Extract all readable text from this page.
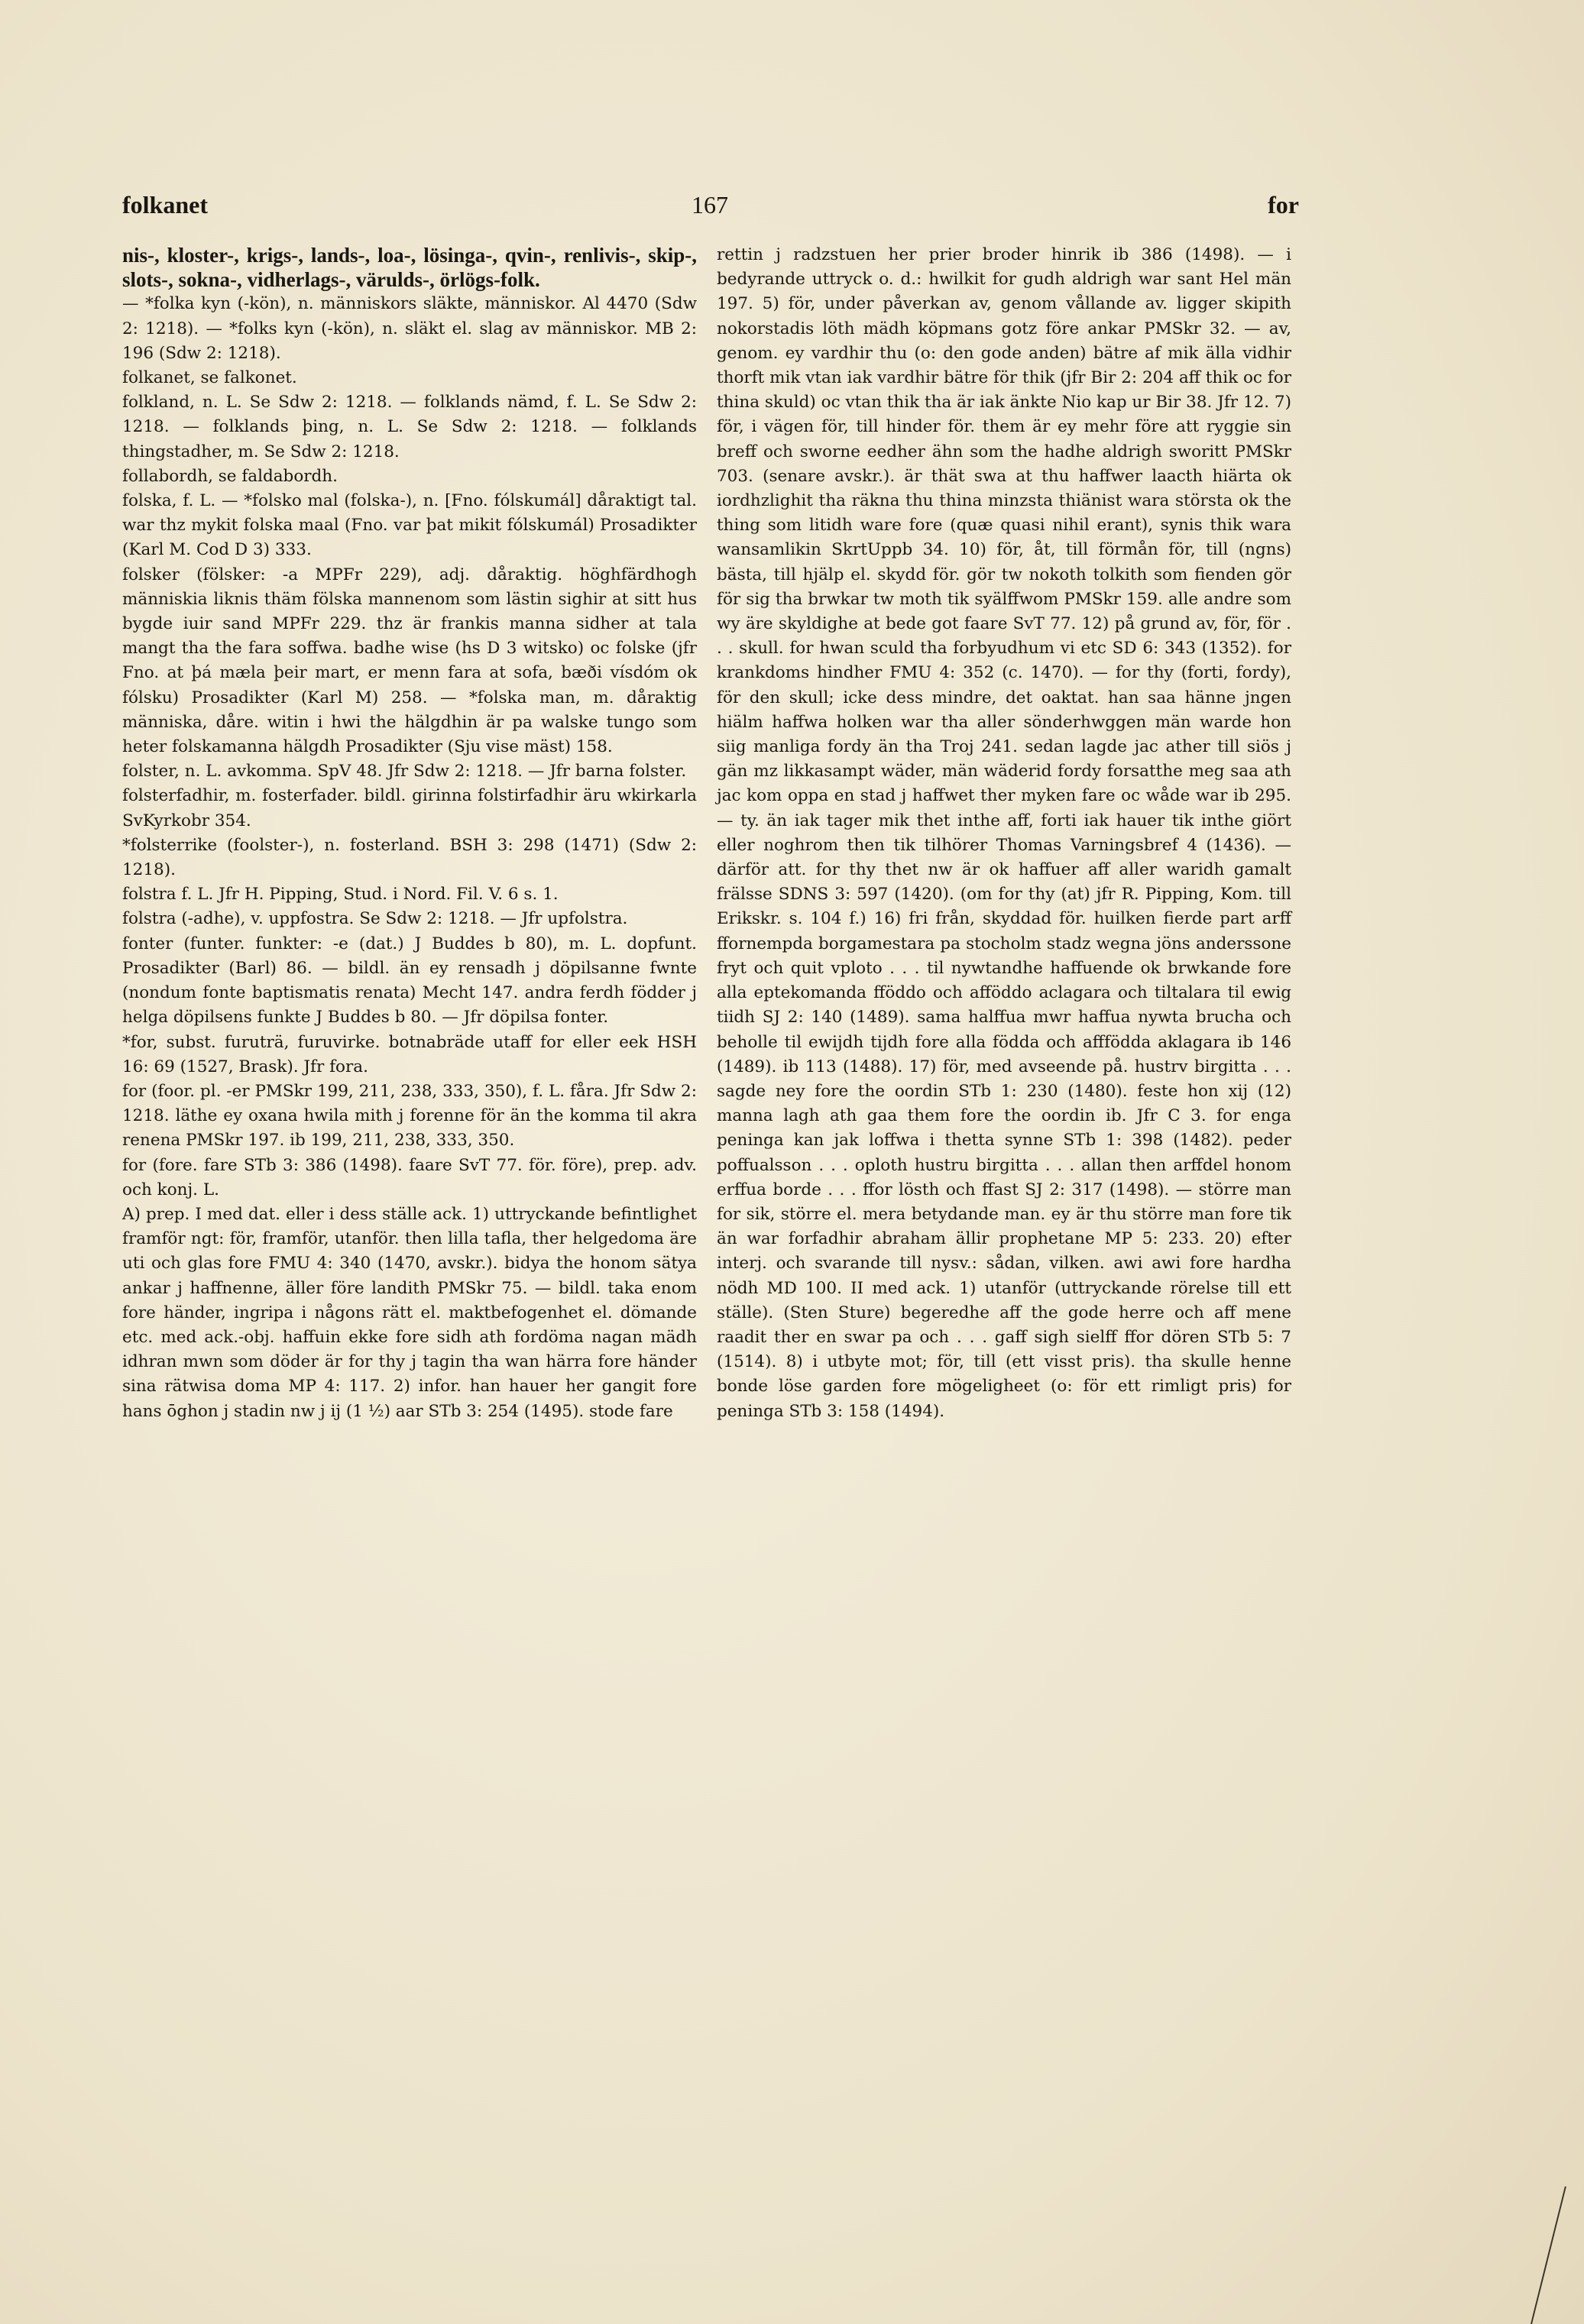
folkanet	167	for

nis-, kloster-, krigs-, lands-, loa-, lösinga-, qvin-, renlivis-, skip-, slots-, sokna-, vidherlags-, värulds-, örlögs-folk.

— *folka kyn (-kön), n. människors släkte, människor. Al 4470 (Sdw 2: 1218). — *folks kyn (-kön), n. släkt el. slag av människor. MB 2: 196 (Sdw 2: 1218).

folkanet, se falkonet.

folkland, n. L. Se Sdw 2: 1218. — folklands nämd, f. L. Se Sdw 2: 1218. — folklands þing, n. L. Se Sdw 2: 1218. — folklands thingstadher, m. Se Sdw 2: 1218.

follabordh, se faldabordh.

folska, f. L. — *folsko mal (folska-), n. [Fno. fólskumál] dåraktigt tal. war thz mykit folska maal (Fno. var þat mikit fólskumál) Prosadikter (Karl M. Cod D 3) 333.

folsker (fölsker: -a MPFr 229), adj. dåraktig. höghfärdhogh människia liknis thäm fölska mannenom som lästin sighir at sitt hus bygde iuir sand MPFr 229. thz är frankis manna sidher at tala mangt tha the fara soffwa. badhe wise (hs D 3 witsko) oc folske (jfr Fno. at þá mæla þeir mart, er menn fara at sofa, bæði vísdóm ok fólsku) Prosadikter (Karl M) 258. — *folska man, m. dåraktig människa, dåre. witin i hwi the hälgdhin är pa walske tungo som heter folskamanna hälgdh Prosadikter (Sju vise mäst) 158.

folster, n. L. avkomma. SpV 48. Jfr Sdw 2: 1218. — Jfr barna folster.

folsterfadhir, m. fosterfader. bildl. girinna folstirfadhir äru wkirkarla SvKyrkobr 354.

*folsterrike (foolster-), n. fosterland. BSH 3: 298 (1471) (Sdw 2: 1218).

folstra f. L. Jfr H. Pipping, Stud. i Nord. Fil. V. 6 s. 1.

folstra (-adhe), v. uppfostra. Se Sdw 2: 1218. — Jfr upfolstra.

fonter (funter. funkter: -e (dat.) J Buddes b 80), m. L. dopfunt. Prosadikter (Barl) 86. — bildl. än ey rensadh j döpilsanne fwnte (nondum fonte baptismatis renata) Mecht 147. andra ferdh födder j helga döpilsens funkte J Buddes b 80. — Jfr döpilsa fonter.

*for, subst. furuträ, furuvirke. botnabräde utaff for eller eek HSH 16: 69 (1527, Brask). Jfr fora.

for (foor. pl. -er PMSkr 199, 211, 238, 333, 350), f. L. fåra. Jfr Sdw 2: 1218. läthe ey oxana hwila mith j forenne för än the komma til akra renena PMSkr 197. ib 199, 211, 238, 333, 350.

for (fore. fare STb 3: 386 (1498). faare SvT 77. för. före), prep. adv. och konj. L.

A) prep. I med dat. eller i dess ställe ack. 1) uttryckande befintlighet framför ngt: för, framför, utanför. then lilla tafla, ther helgedoma äre uti och glas fore FMU 4: 340 (1470, avskr.). bidya the honom sätya ankar j haffnenne, äller före landith PMSkr 75. — bildl. taka enom fore händer, ingripa i någons rätt el. maktbefogenhet el. dömande etc. med ack.-obj. haffuin ekke fore sidh ath fordöma nagan mädh idhran mwn som döder är for thy j tagin tha wan härra fore händer sina rätwisa doma MP 4: 117. 2) infor. han hauer her gangit fore hans ōghon j stadin nw j ij (1 ½) aar STb 3: 254 (1495). stode fare

rettin j radzstuen her prier broder hinrik ib 386 (1498). — i bedyrande uttryck o. d.: hwilkit for gudh aldrigh war sant Hel män 197. 5) för, under påverkan av, genom vållande av. ligger skipith nokorstadis löth mädh köpmans gotz före ankar PMSkr 32. — av, genom. ey vardhir thu (o: den gode anden) bätre af mik älla vidhir thorft mik vtan iak vardhir bätre för thik (jfr Bir 2: 204 aff thik oc for thina skuld) oc vtan thik tha är iak änkte Nio kap ur Bir 38. Jfr 12. 7) för, i vägen för, till hinder för. them är ey mehr före att ryggie sin breff och sworne eedher ähn som the hadhe aldrigh sworitt PMSkr 703. (senare avskr.). är thät swa at thu haffwer laacth hiärta ok iordhzlighit tha räkna thu thina minzsta thiänist wara största ok the thing som litidh ware fore (quæ quasi nihil erant), synis thik wara wansamlikin SkrtUppb 34. 10) för, åt, till förmån för, till (ngns) bästa, till hjälp el. skydd för. gör tw nokoth tolkith som fienden gör för sig tha brwkar tw moth tik syälffwom PMSkr 159. alle andre som wy äre skyldighe at bede got faare SvT 77. 12) på grund av, för, för . . . skull. for hwan sculd tha forbyudhum vi etc SD 6: 343 (1352). for krankdoms hindher FMU 4: 352 (c. 1470). — for thy (forti, fordy), för den skull; icke dess mindre, det oaktat. han saa hänne jngen hiälm haffwa holken war tha aller sönderhwggen män warde hon siig manliga fordy än tha Troj 241. sedan lagde jac ather till siös j gän mz likkasampt wäder, män wäderid fordy forsatthe meg saa ath jac kom oppa en stad j haffwet ther myken fare oc wåde war ib 295. — ty. än iak tager mik thet inthe aff, forti iak hauer tik inthe giört eller noghrom then tik tilhörer Thomas Varningsbref 4 (1436). — därför att. for thy thet nw är ok haffuer aff aller waridh gamalt frälsse SDNS 3: 597 (1420). (om for thy (at) jfr R. Pipping, Kom. till Erikskr. s. 104 f.) 16) fri från, skyddad för. huilken fierde part arff ffornempda borgamestara pa stocholm stadz wegna jöns anderssone fryt och quit vploto . . . til nywtandhe haffuende ok brwkande fore alla eptekomanda fföddo och afföddo aclagara och tiltalara til ewig tiidh SJ 2: 140 (1489). sama halffua mwr haffua nywta brucha och beholle til ewijdh tijdh fore alla födda och afffödda aklagara ib 146 (1489). ib 113 (1488). 17) för, med avseende på. hustrv birgitta . . . sagde ney fore the oordin STb 1: 230 (1480). feste hon xij (12) manna lagh ath gaa them fore the oordin ib. Jfr C 3. for enga peninga kan jak loffwa i thetta synne STb 1: 398 (1482). peder poffualsson . . . oploth hustru birgitta . . . allan then arffdel honom erffua borde . . . ffor lösth och ffast SJ 2: 317 (1498). — större man for sik, större el. mera betydande man. ey är thu större man fore tik än war forfadhir abraham ällir prophetane MP 5: 233. 20) efter interj. och svarande till nysv.: sådan, vilken. awi awi fore hardha nödh MD 100. II med ack. 1) utanför (uttryckande rörelse till ett ställe). (Sten Sture) begeredhe aff the gode herre och aff mene raadit ther en swar pa och . . . gaff sigh sielff ffor dören STb 5: 7 (1514). 8) i utbyte mot; för, till (ett visst pris). tha skulle henne bonde löse garden fore mögeligheet (o: för ett rimligt pris) for peninga STb 3: 158 (1494).
